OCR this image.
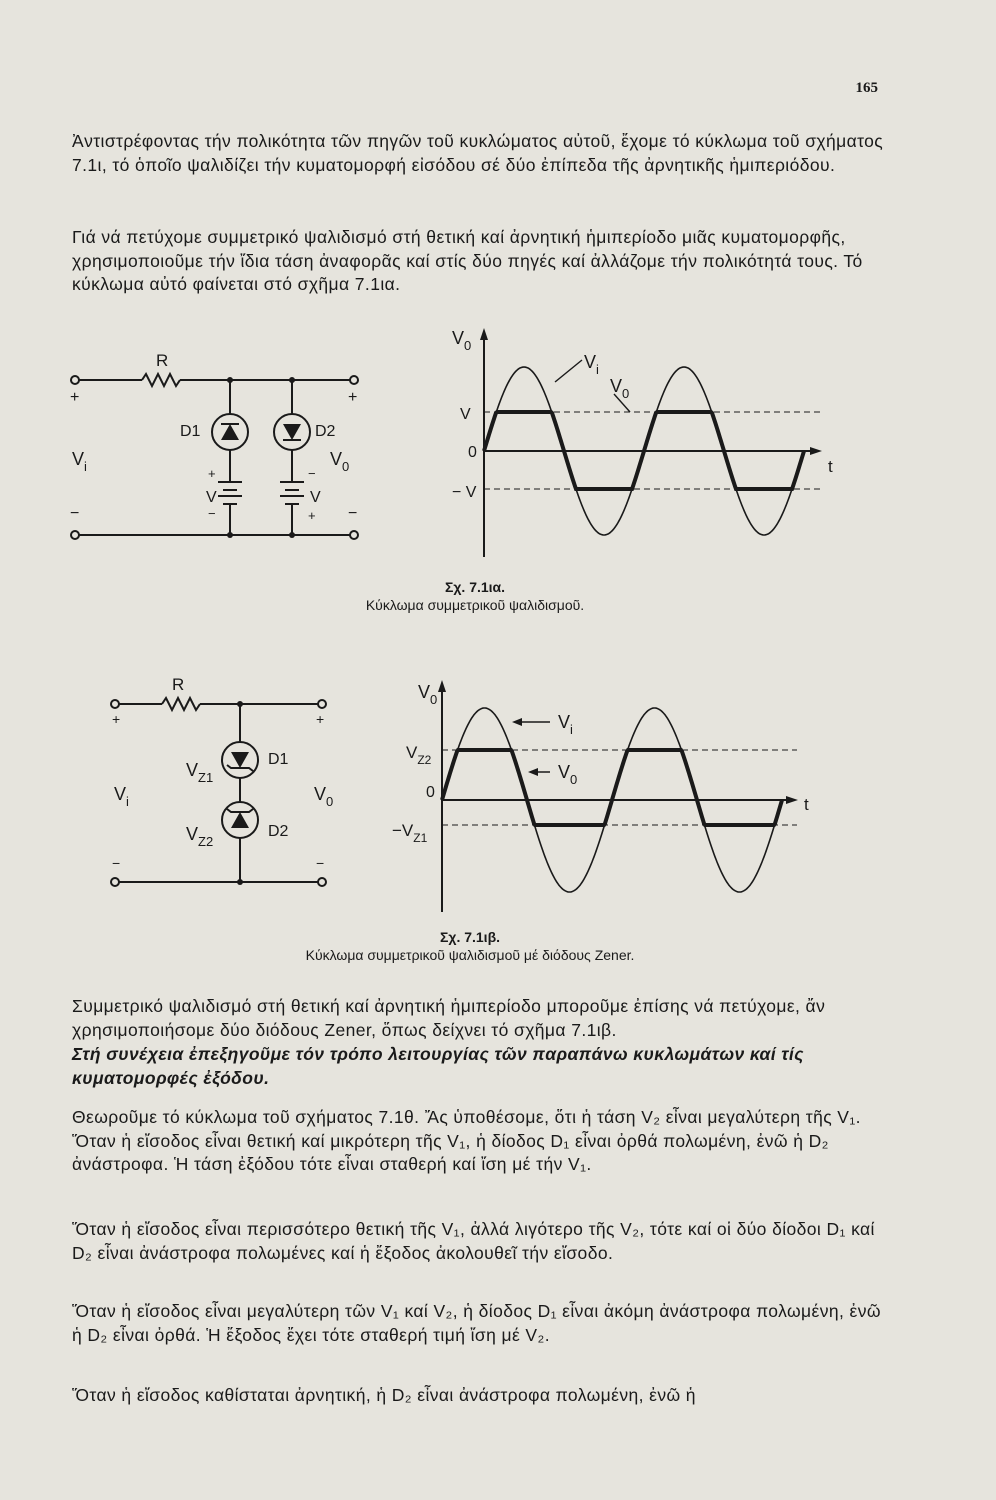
165

Ἀντιστρέφοντας τήν πολικότητα τῶν πηγῶν τοῦ κυκλώματος αὐτοῦ, ἔχομε τό κύκλωμα τοῦ σχήματος 7.1ι, τό ὁποῖο ψαλιδίζει τήν κυματομορφή εἰσόδου σέ δύο ἐπίπεδα τῆς ἀρνητικῆς ἡμιπεριόδου.

Γιά νά πετύχομε συμμετρικό ψαλιδισμό στή θετική καί ἀρνητική ἡμιπερίοδο μιᾶς κυματομορφῆς, χρησιμοποιοῦμε τήν ἴδια τάση ἀναφορᾶς καί στίς δύο πηγές καί ἀλλάζομε τήν πολικότητά τους. Τό κύκλωμα αὐτό φαίνεται στό σχῆμα 7.1ια.

R
D1	D2
+	+
−	−
$V_i$	$V_0$
+
V
−
−
V
+
$V_0$
V
0
− V
t
$V_i$
$V_0$
Σχ. 7.1ια.
Κύκλωμα συμμετρικοῦ ψαλιδισμοῦ.
R
D1
D2
$V_{Z1}$
$V_{Z2}$
$V_i$	$V_0$
+	+
−	−
$V_0$
$V_{Z2}$
0
$-V_{Z1}$
t
$V_i$
$V_0$
Σχ. 7.1ιβ.
Κύκλωμα συμμετρικοῦ ψαλιδισμοῦ μέ διόδους Zener.

Συμμετρικό ψαλιδισμό στή θετική καί ἀρνητική ἡμιπερίοδο μποροῦμε ἐπίσης νά πετύχομε, ἄν χρησιμοποιήσομε δύο διόδους Zener, ὅπως δείχνει τό σχῆμα 7.1ιβ.

Στή συνέχεια ἐπεξηγοῦμε τόν τρόπο λειτουργίας τῶν παραπάνω κυκλωμάτων καί τίς κυματομορφές ἐξόδου.

Θεωροῦμε τό κύκλωμα τοῦ σχήματος 7.1θ. Ἄς ὑποθέσομε, ὅτι ἡ τάση V₂ εἶναι μεγαλύτερη τῆς V₁. Ὅταν ἡ εἴσοδος εἶναι θετική καί μικρότερη τῆς V₁, ἡ δίοδος D₁ εἶναι ὀρθά πολωμένη, ἐνῶ ἡ D₂ ἀνάστροφα. Ἡ τάση ἐξόδου τότε εἶναι σταθερή καί ἴση μέ τήν V₁.

Ὅταν ἡ εἴσοδος εἶναι περισσότερο θετική τῆς V₁, ἀλλά λιγότερο τῆς V₂, τότε καί οἱ δύο δίοδοι D₁ καί D₂ εἶναι ἀνάστροφα πολωμένες καί ἡ ἔξοδος ἀκολουθεῖ τήν εἴσοδο.

Ὅταν ἡ εἴσοδος εἶναι μεγαλύτερη τῶν V₁ καί V₂, ἡ δίοδος D₁ εἶναι ἀκόμη ἀνάστροφα πολωμένη, ἐνῶ ἡ D₂ εἶναι ὀρθά. Ἡ ἔξοδος ἔχει τότε σταθερή τιμή ἴση μέ V₂.

Ὅταν ἡ εἴσοδος καθίσταται ἀρνητική, ἡ D₂ εἶναι ἀνάστροφα πολωμένη, ἐνῶ ἡ
